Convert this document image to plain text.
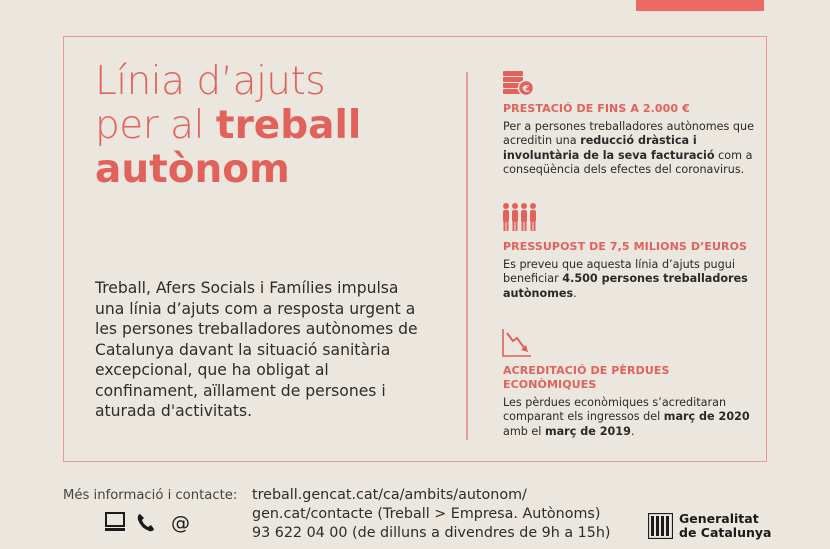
Línia d’ajuts
per al treball
autònom
Treball, Afers Socials i Famílies impulsa una línia d’ajuts com a resposta urgent a les persones treballadores autònomes de Catalunya davant la situació sanitària excepcional, que ha obligat al confinament, aïllament de persones i aturada d'activitats.
€
PRESTACIÓ DE FINS A 2.000 €
Per a persones treballadores autònomes que acreditin una reducció dràstica i involuntària de la seva facturació com a conseqüència dels efectes del coronavirus.
PRESSUPOST DE 7,5 MILIONS D’EUROS
Es preveu que aquesta línia d’ajuts pugui beneficiar 4.500 persones treballadores autònomes.
ACREDITACIÓ DE PÈRDUES ECONÒMIQUES
Les pèrdues econòmiques s’acreditaran comparant els ingressos del març de 2020 amb el març de 2019.
Més informació i contacte: treball.gencat.cat/ca/ambits/autonom/
gen.cat/contacte (Treball > Empresa. Autònoms)
93 622 04 00 (de dilluns a divendres de 9h a 15h)
@	Generalitat
de Catalunya
